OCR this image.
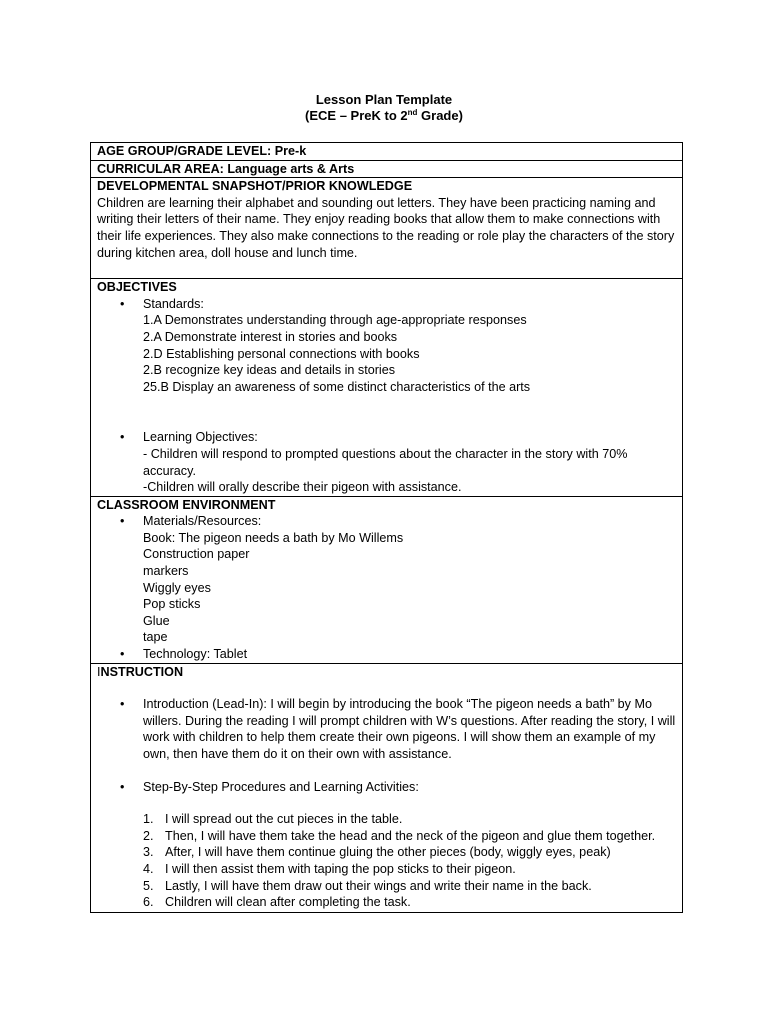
Lesson Plan Template
(ECE – PreK to 2nd Grade)
AGE GROUP/GRADE LEVEL: Pre-k
CURRICULAR AREA: Language arts & Arts
DEVELOPMENTAL SNAPSHOT/PRIOR KNOWLEDGE

Children are learning their alphabet and sounding out letters. They have been practicing naming and writing their letters of their name. They enjoy reading books that allow them to make connections with their life experiences. They also make connections to the reading or role play the characters of the story during kitchen area, doll house and lunch time.

OBJECTIVES
• Standards:
1.A Demonstrates understanding through age-appropriate responses
2.A Demonstrate interest in stories and books
2.D Establishing personal connections with books
2.B recognize key ideas and details in stories
25.B Display an awareness of some distinct characteristics of the arts
• Learning Objectives:
- Children will respond to prompted questions about the character in the story with 70% accuracy.
-Children will orally describe their pigeon with assistance.
CLASSROOM ENVIRONMENT
• Materials/Resources:
Book: The pigeon needs a bath by Mo Willems
Construction paper
markers
Wiggly eyes
Pop sticks
Glue
tape
• Technology: Tablet
INSTRUCTION
• Introduction (Lead-In): I will begin by introducing the book “The pigeon needs a bath” by Mo willers. During the reading I will prompt children with W’s questions. After reading the story, I will work with children to help them create their own pigeons. I will show them an example of my own, then have them do it on their own with assistance.
• Step-By-Step Procedures and Learning Activities:
1. I will spread out the cut pieces in the table.
2. Then, I will have them take the head and the neck of the pigeon and glue them together.
3. After, I will have them continue gluing the other pieces (body, wiggly eyes, peak)
4. I will then assist them with taping the pop sticks to their pigeon.
5. Lastly, I will have them draw out their wings and write their name in the back.
6. Children will clean after completing the task.
